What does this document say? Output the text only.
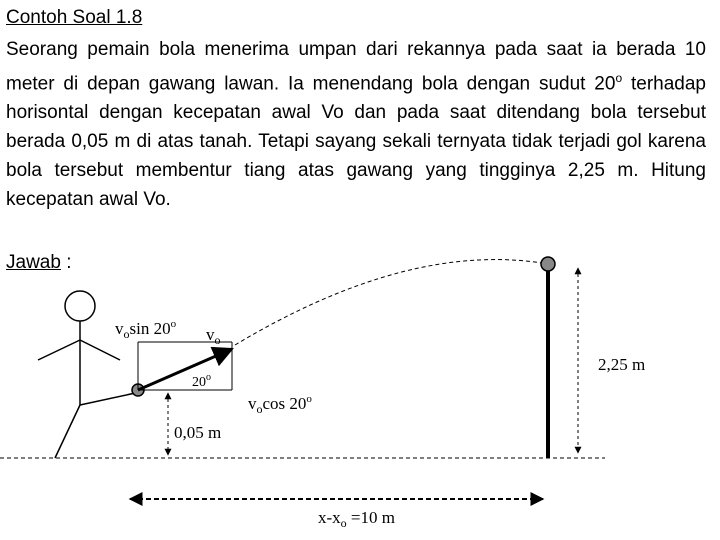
Contoh Soal 1.8
Seorang pemain bola menerima umpan dari rekannya pada saat ia berada 10 meter di depan gawang lawan. Ia menendang bola dengan sudut 20$^o$ terhadap horisontal dengan kecepatan awal Vo dan pada saat ditendang bola tersebut berada 0,05 m di atas tanah. Tetapi sayang sekali ternyata tidak terjadi gol karena bola tersebut membentur tiang atas gawang yang tingginya 2,25 m. Hitung kecepatan awal Vo.
Jawab :
$v_o\sin$ 20$^o$
$v_o$
20$^o$
$v_o\cos$ 20$^o$
0,05 m
2,25 m
$x-x_o =10$ m
